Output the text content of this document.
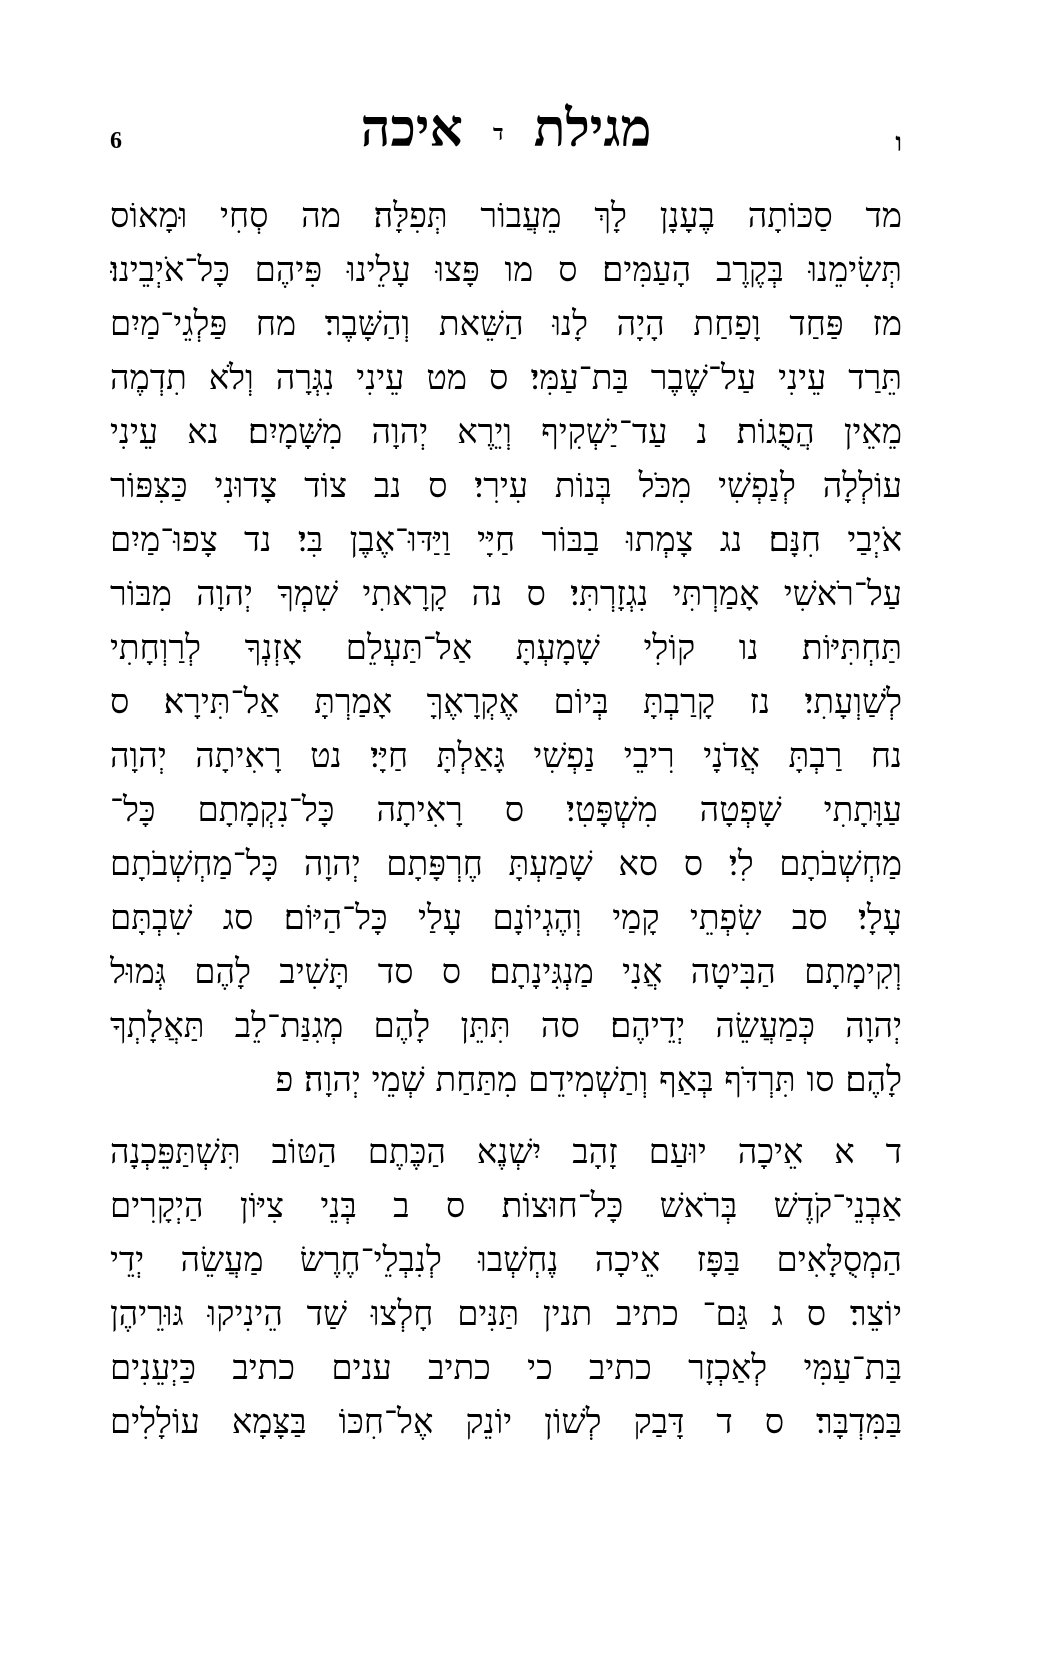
6	מגילת ד איכה	ו
מד סַכּוֹתָה בֶעָנָן לָךְ מֵעֲבוֹר תְּפִלָּה׃ מה סְחִי וּמָאוֹס
תְּשִׂימֵנוּ בְּקֶרֶב הָעַמִּים׃ ס מו פָּצוּ עָלֵינוּ פִּיהֶם כָּל־אֹיְבֵינוּ׃
מז פַּחַד וָפַחַת הָיָה לָנוּ הַשֵּׁאת וְהַשָּׁבֶר׃ מח פַּלְגֵי־מַיִם
תֵּרַד עֵינִי עַל־שֶׁבֶר בַּת־עַמִּי׃ ס מט עֵינִי נִגְּרָה וְלֹא תִדְמֶה
מֵאֵין הֲפֻגוֹת׃ נ עַד־יַשְׁקִיף וְיֵרֶא יְהוָה מִשָּׁמָיִם׃ נא עֵינִי
עוֹלְלָה לְנַפְשִׁי מִכֹּל בְּנוֹת עִירִי׃ ס נב צוֹד צָדוּנִי כַּצִּפּוֹר
אֹיְבַי חִנָּם׃ נג צָמְתוּ בַבּוֹר חַיָּי וַיַּדּוּ־אֶבֶן בִּי׃ נד צָפוּ־מַיִם
עַל־רֹאשִׁי אָמַרְתִּי נִגְזָרְתִּי׃ ס נה קָרָאתִי שִׁמְךָ יְהוָה מִבּוֹר
תַּחְתִּיּוֹת׃ נו קוֹלִי שָׁמָעְתָּ אַל־תַּעְלֵם אָזְנְךָ לְרַוְחָתִי
לְשַׁוְעָתִי׃ נז קָרַבְתָּ בְּיוֹם אֶקְרָאֶךָּ אָמַרְתָּ אַל־תִּירָא׃ ס
נח רַבְתָּ אֲדֹנָי רִיבֵי נַפְשִׁי גָּאַלְתָּ חַיָּי׃ נט רָאִיתָה יְהוָה
עַוָּתָתִי שָׁפְטָה מִשְׁפָּטִי׃ ס רָאִיתָה כָּל־נִקְמָתָם כָּל־
מַחְשְׁבֹתָם לִי׃ ס סא שָׁמַעְתָּ חֶרְפָּתָם יְהוָה כָּל־מַחְשְׁבֹתָם
עָלָי׃ סב שִׂפְתֵי קָמַי וְהֶגְיוֹנָם עָלַי כָּל־הַיּוֹם׃ סג שִׁבְתָּם
וְקִימָתָם הַבִּיטָה אֲנִי מַנְגִּינָתָם׃ ס סד תָּשִׁיב לָהֶם גְּמוּל
יְהוָה כְּמַעֲשֵׂה יְדֵיהֶם׃ סה תִּתֵּן לָהֶם מְגִנַּת־לֵב תַּאֲלָתְךָ
לָהֶם׃ סו תִּרְדֹּף בְּאַף וְתַשְׁמִידֵם מִתַּחַת שְׁמֵי יְהוָה׃ פ
ד א אֵיכָה יוּעַם זָהָב יִשְׁנֶא הַכֶּתֶם הַטּוֹב תִּשְׁתַּפֵּכְנָה
אַבְנֵי־קֹדֶשׁ בְּרֹאשׁ כָּל־חוּצוֹת׃ ס ב בְּנֵי צִיּוֹן הַיְקָרִים
הַמְסֻלָּאִים בַּפָּז אֵיכָה נֶחְשְׁבוּ לְנִבְלֵי־חֶרֶשׂ מַעֲשֵׂה יְדֵי
יוֹצֵר׃ ס ג גַּם־ כתיב תנין תַּנִּים חָלְצוּ שַׁד הֵינִיקוּ גּוּרֵיהֶן
בַּת־עַמִּי לְאַכְזָר כתיב כי כתיב ענים כתיב כַּיְעֵנִים
בַּמִּדְבָּר׃ ס ד דָּבַק לְשׁוֹן יוֹנֵק אֶל־חִכּוֹ בַּצָּמָא עוֹלָלִים
